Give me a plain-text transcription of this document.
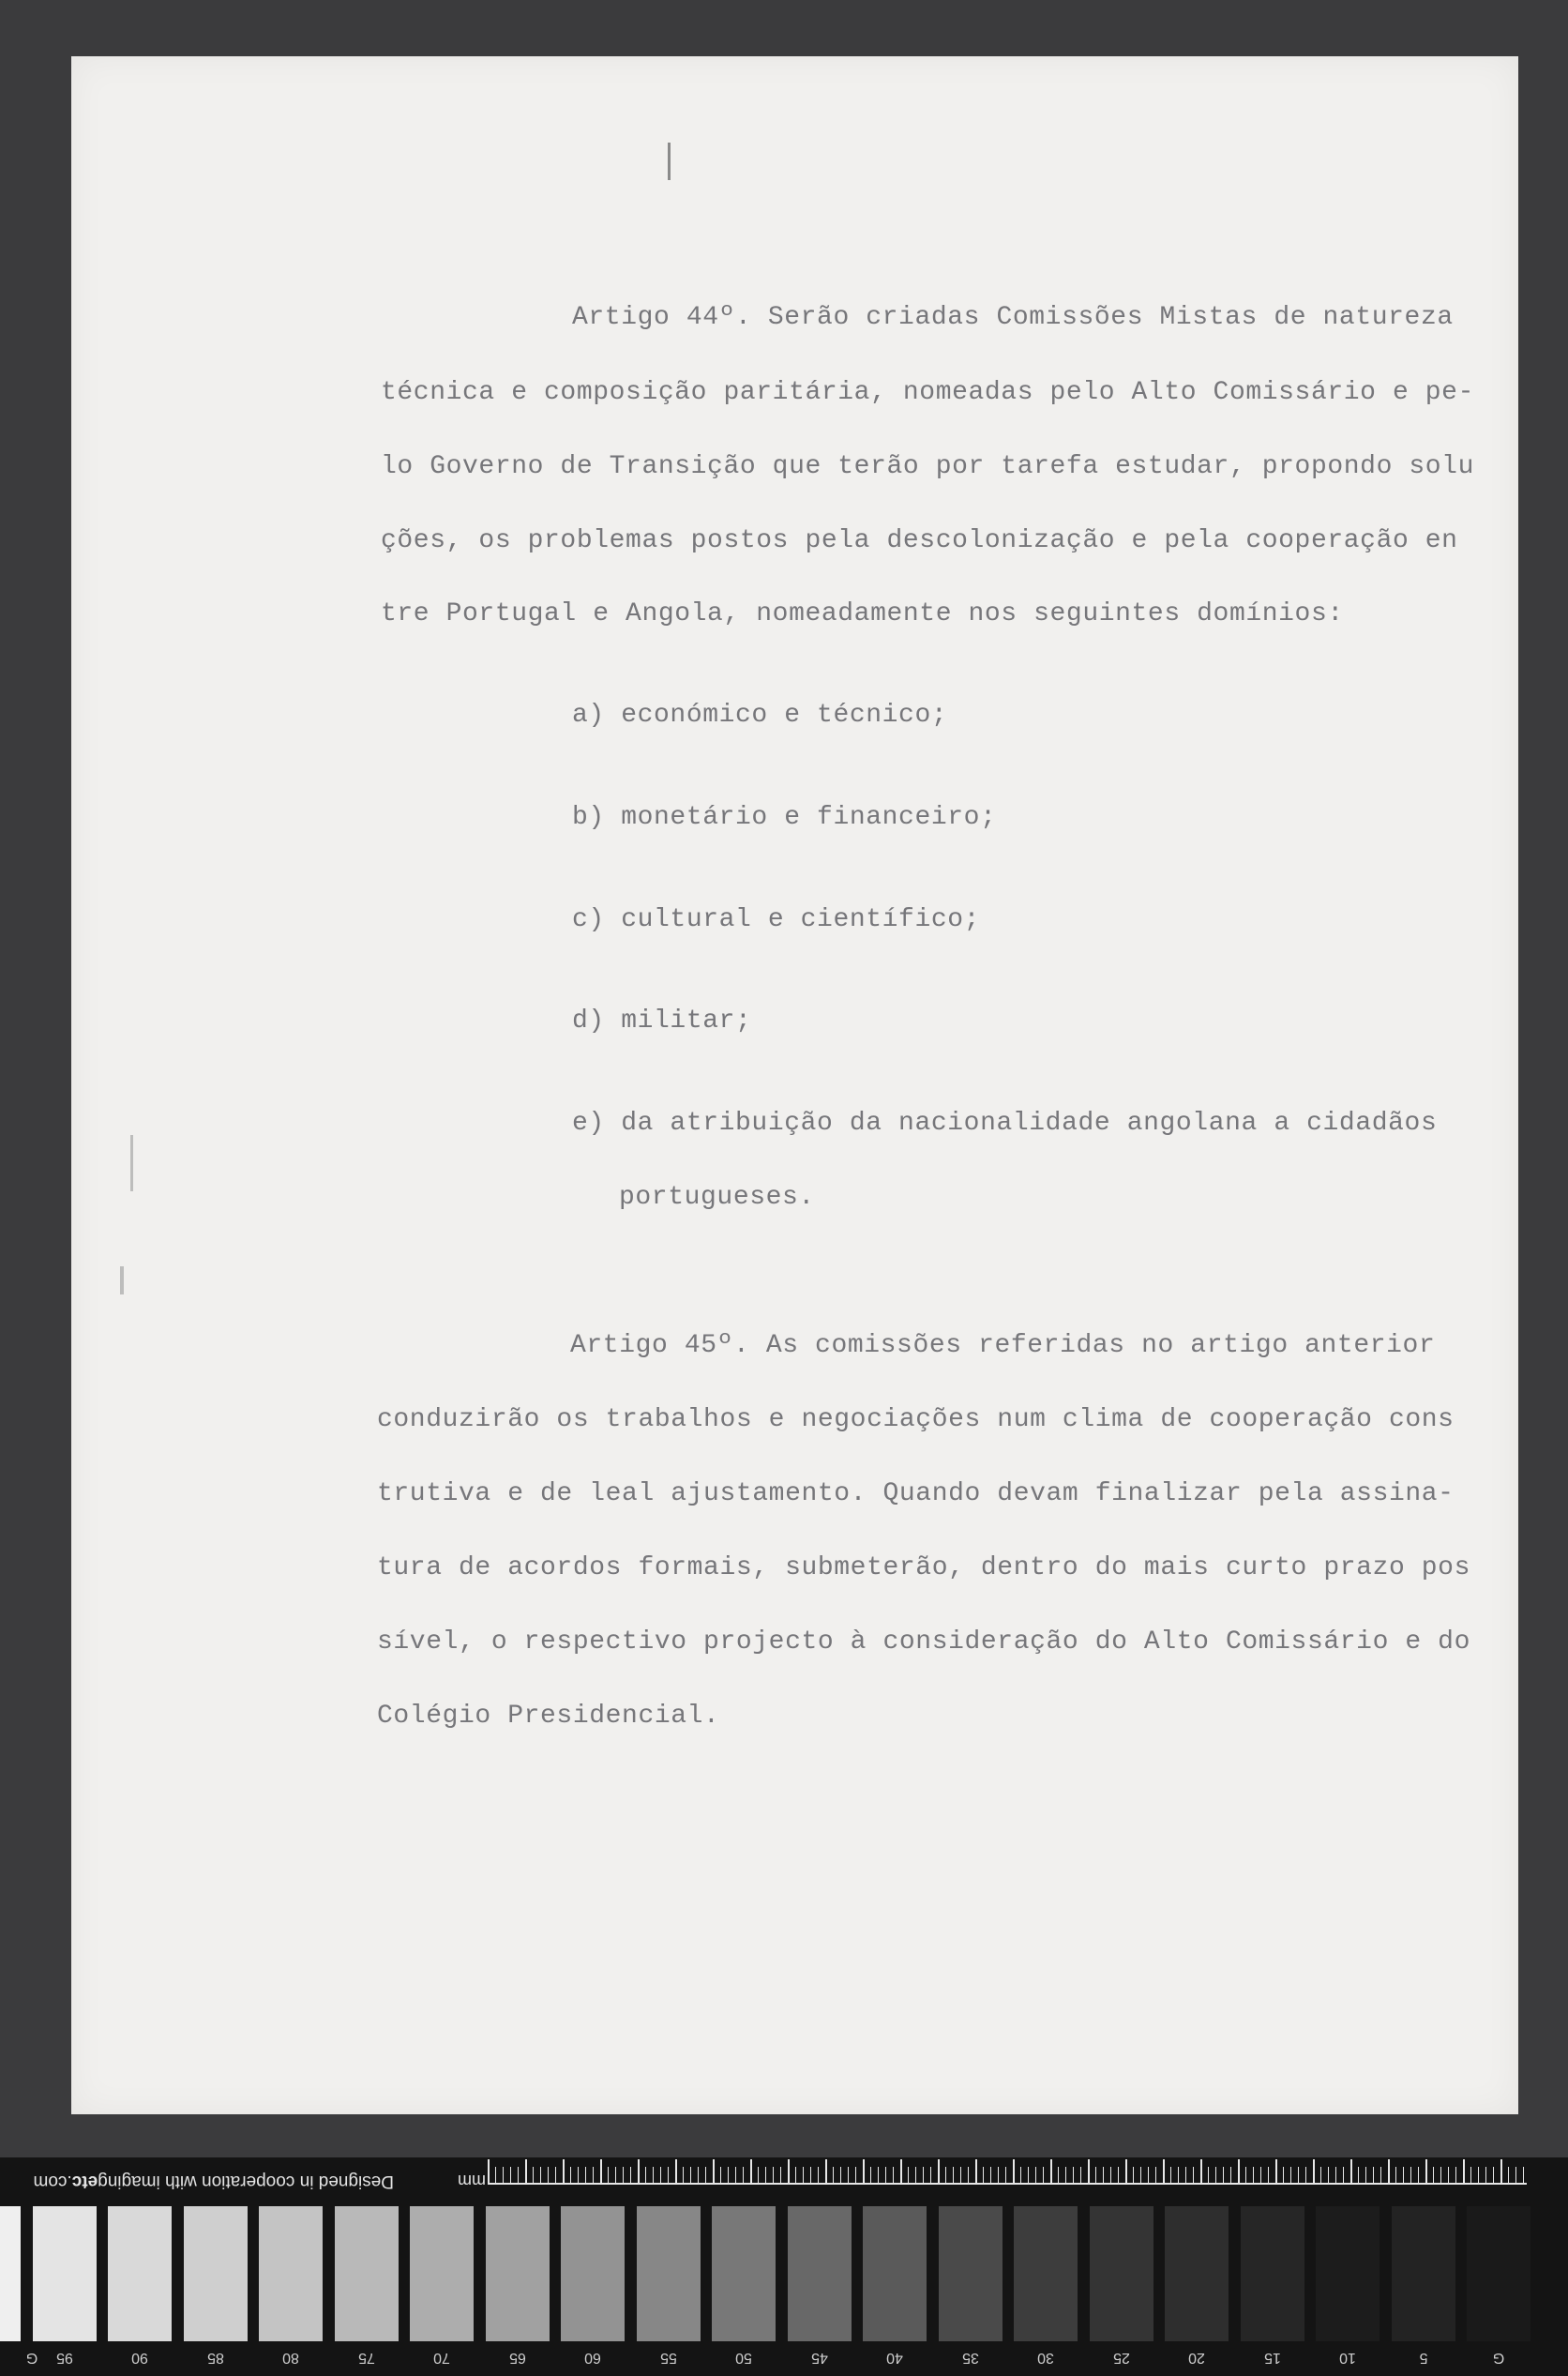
Artigo 44º. Serão criadas Comissões Mistas de natureza
técnica e composição paritária, nomeadas pelo Alto Comissário e pe-
lo Governo de Transição que terão por tarefa estudar, propondo solu
ções, os problemas postos pela descolonização e pela cooperação en
tre Portugal e Angola, nomeadamente nos seguintes domínios:
a) económico e técnico;
b) monetário e financeiro;
c) cultural e científico;
d) militar;
e) da atribuição da nacionalidade angolana a cidadãos
portugueses.
Artigo 45º. As comissões referidas no artigo anterior
conduzirão os trabalhos e negociações num clima de cooperação cons
trutiva e de leal ajustamento. Quando devam finalizar pela assina-
tura de acordos formais, submeterão, dentro do mais curto prazo pos
sível, o respectivo projecto à consideração do Alto Comissário e do
Colégio Presidencial.
Designed in cooperation with imagingetc.com	mm
G
5
10
15
20
25
30
35
40
45
50
55
60
65
70
75
80
85
90
95
G
